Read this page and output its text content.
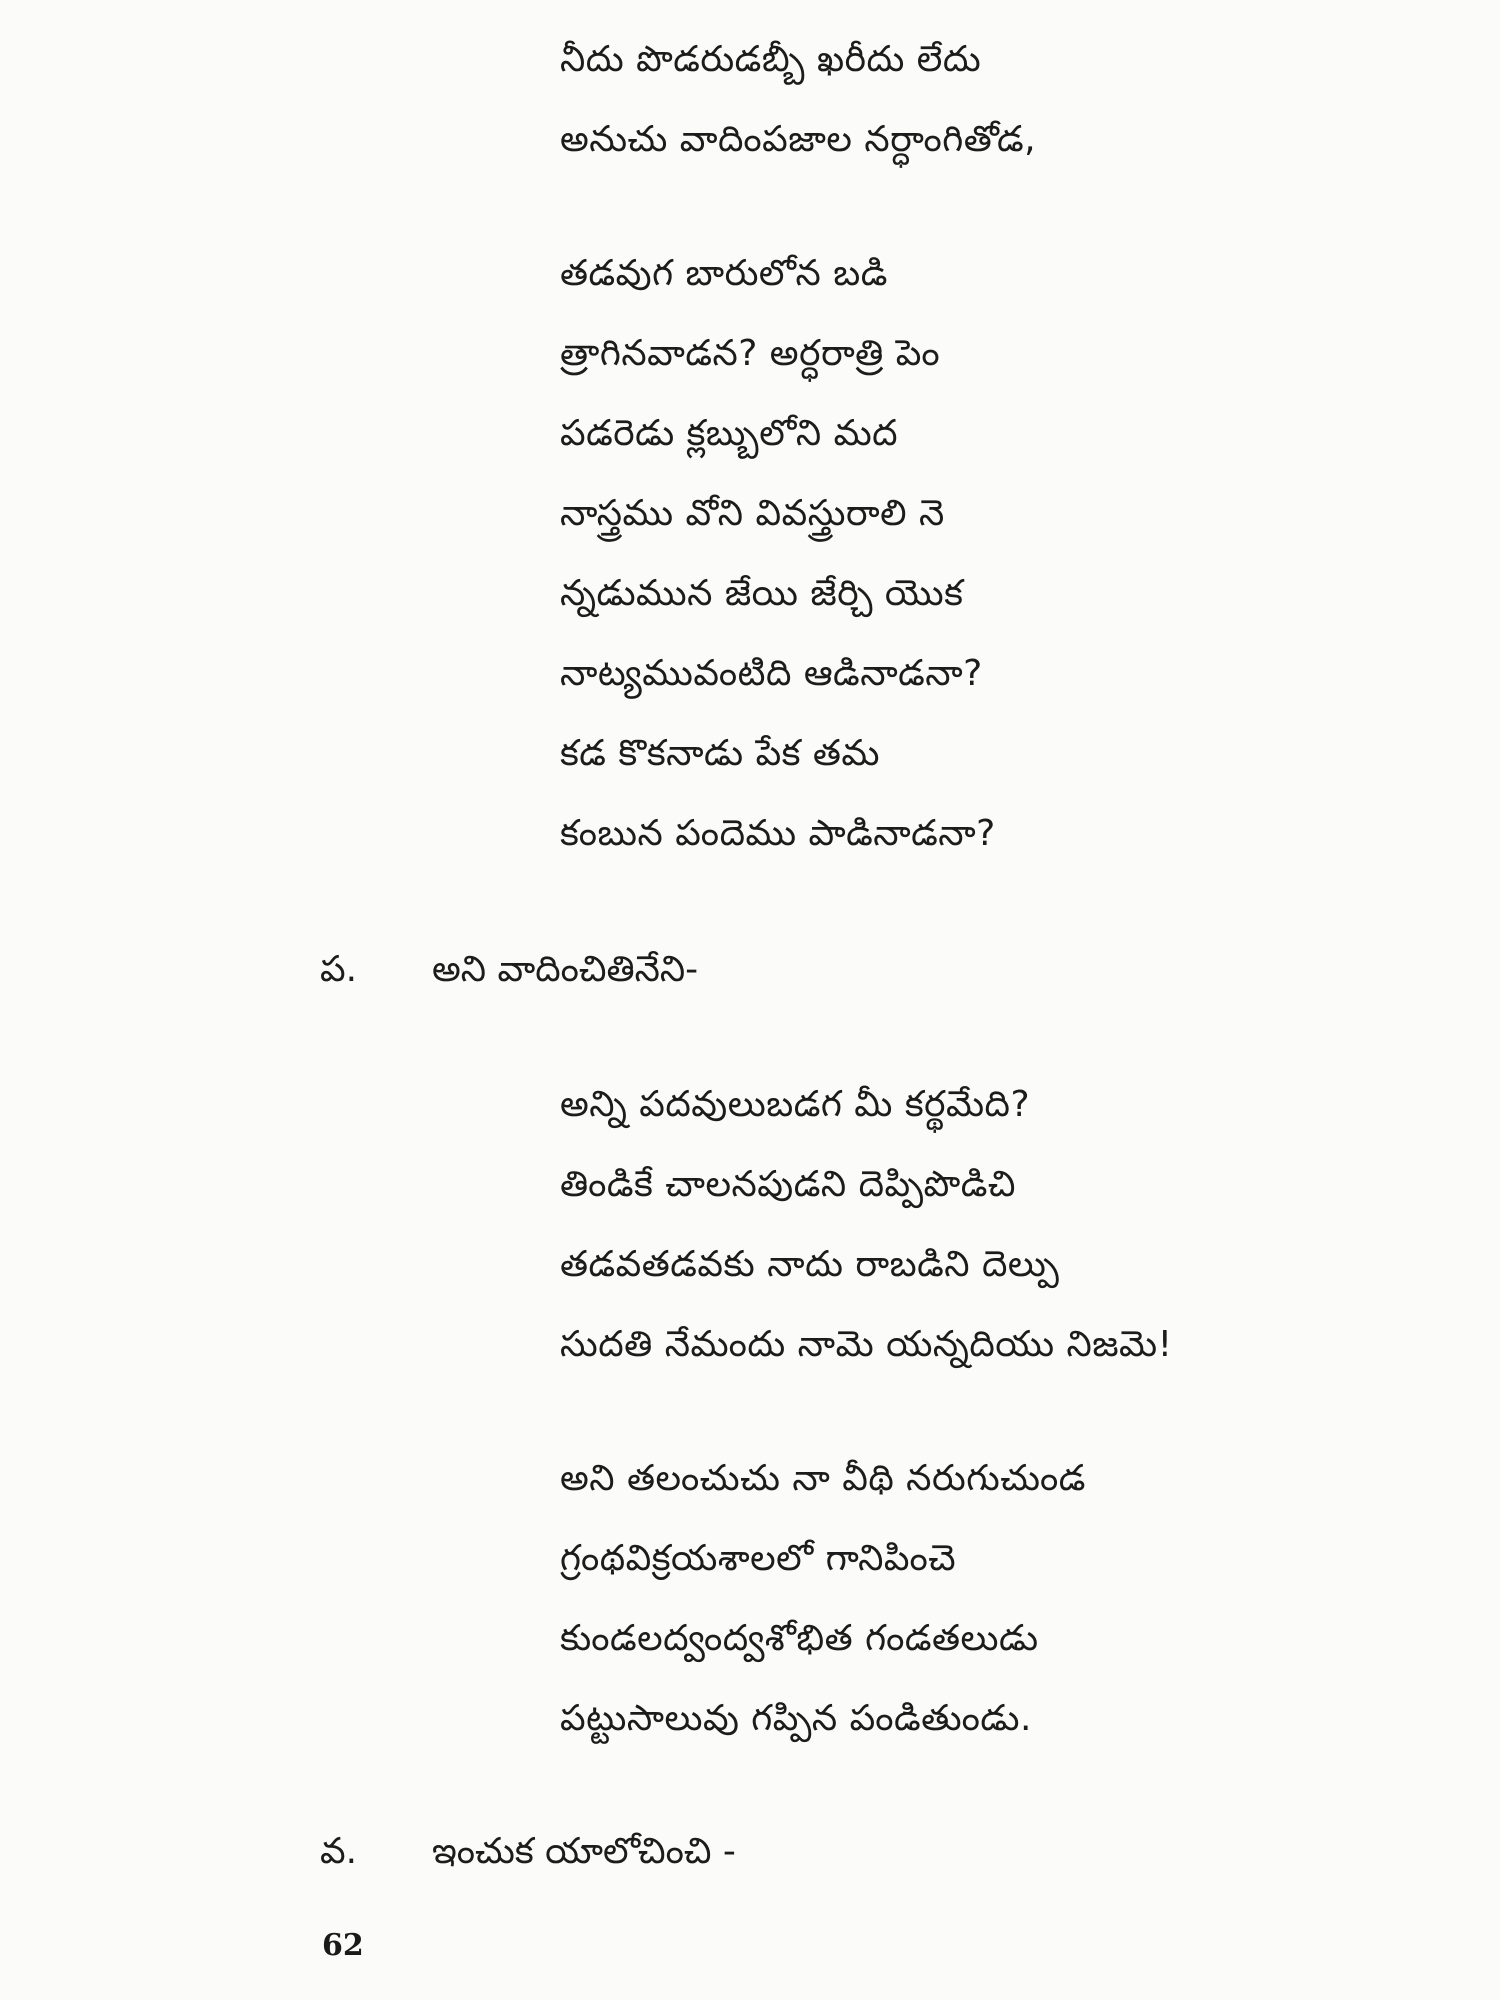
నీదు పొడరుడబ్బీ ఖరీదు లేదు
అనుచు వాదింపజాల నర్ధాంగితోడ,
తడవుగ బారులోన బడి
త్రాగినవాడన? అర్ధరాత్రి పెం
పడరెడు క్లబ్బులోని మద
నాస్త్రము వోని వివస్త్రురాలి నె
న్నడుమున జేయి జేర్చి యొక
నాట్యమువంటిది ఆడినాడనా?
కడ కొకనాడు పేక తమ
కంబున పందెము పాడినాడనా?
ప. అని వాదించితినేని-
అన్ని పదవులుబడగ మీ కర్థమేది?
తిండికే చాలనపుడని దెప్పిపొడిచి
తడవతడవకు నాదు రాబడిని దెల్పు
సుదతి నేమందు నామె యన్నదియు నిజమె!
అని తలంచుచు నా వీథి నరుగుచుండ
గ్రంథవిక్రయశాలలో గానిపించె
కుండలద్వంద్వశోభిత గండతలుడు
పట్టుసాలువు గప్పిన పండితుండు.
వ. ఇంచుక యాలోచించి -
62
